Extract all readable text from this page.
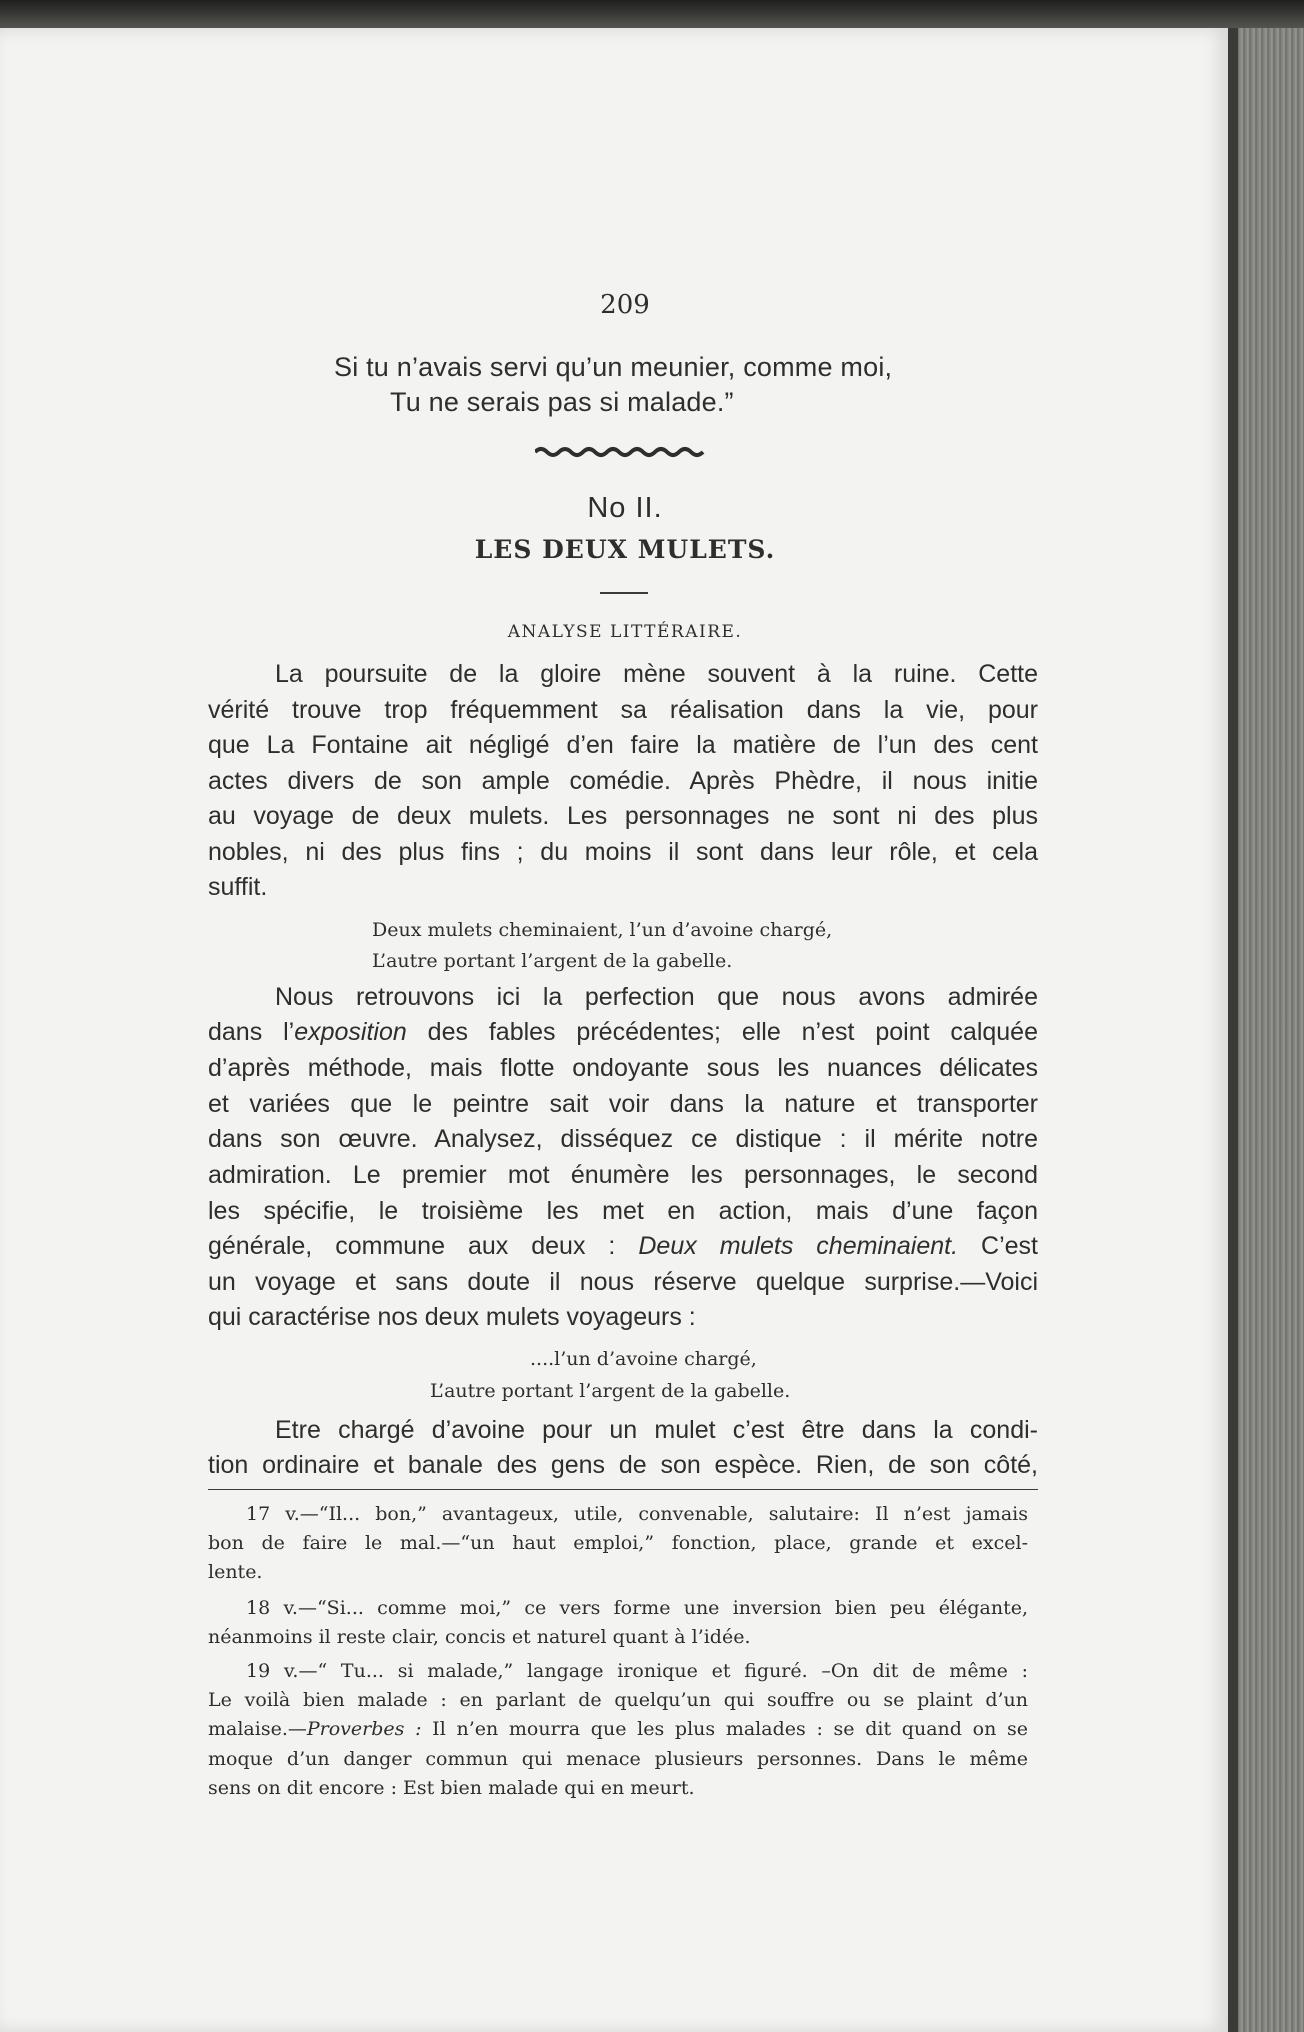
209

Si tu n’avais servi qu’un meunier, comme moi,

Tu ne serais pas si malade.”

No II.

LES DEUX MULETS.

ANALYSE LITTÉRAIRE.

La poursuite de la gloire mène souvent à la ruine. Cette

vérité trouve trop fréquemment sa réalisation dans la vie, pour

que La Fontaine ait négligé d’en faire la matière de l’un des cent

actes divers de son ample comédie. Après Phèdre, il nous initie

au voyage de deux mulets. Les personnages ne sont ni des plus

nobles, ni des plus fins ; du moins il sont dans leur rôle, et cela

suffit.

Deux mulets cheminaient, l’un d’avoine chargé,

L’autre portant l’argent de la gabelle.

Nous retrouvons ici la perfection que nous avons admirée

dans l’exposition des fables précédentes; elle n’est point calquée

d’après méthode, mais flotte ondoyante sous les nuances délicates

et variées que le peintre sait voir dans la nature et transporter

dans son œuvre. Analysez, disséquez ce distique : il mérite notre

admiration. Le premier mot énumère les personnages, le second

les spécifie, le troisième les met en action, mais d’une façon

générale, commune aux deux : Deux mulets cheminaient. C’est

un voyage et sans doute il nous réserve quelque surprise.—Voici

qui caractérise nos deux mulets voyageurs :

....l’un d’avoine chargé,

L’autre portant l’argent de la gabelle.

Etre chargé d’avoine pour un mulet c’est être dans la condi-

tion ordinaire et banale des gens de son espèce. Rien, de son côté,

17 v.—“Il... bon,” avantageux, utile, convenable, salutaire: Il n’est jamais

bon de faire le mal.—“un haut emploi,” fonction, place, grande et excel-

lente.

18 v.—“Si... comme moi,” ce vers forme une inversion bien peu élégante,

néanmoins il reste clair, concis et naturel quant à l’idée.

19 v.—“ Tu... si malade,” langage ironique et figuré. –On dit de même :

Le voilà bien malade : en parlant de quelqu’un qui souffre ou se plaint d’un

malaise.—Proverbes : Il n’en mourra que les plus malades : se dit quand on se

moque d’un danger commun qui menace plusieurs personnes. Dans le même

sens on dit encore : Est bien malade qui en meurt.
